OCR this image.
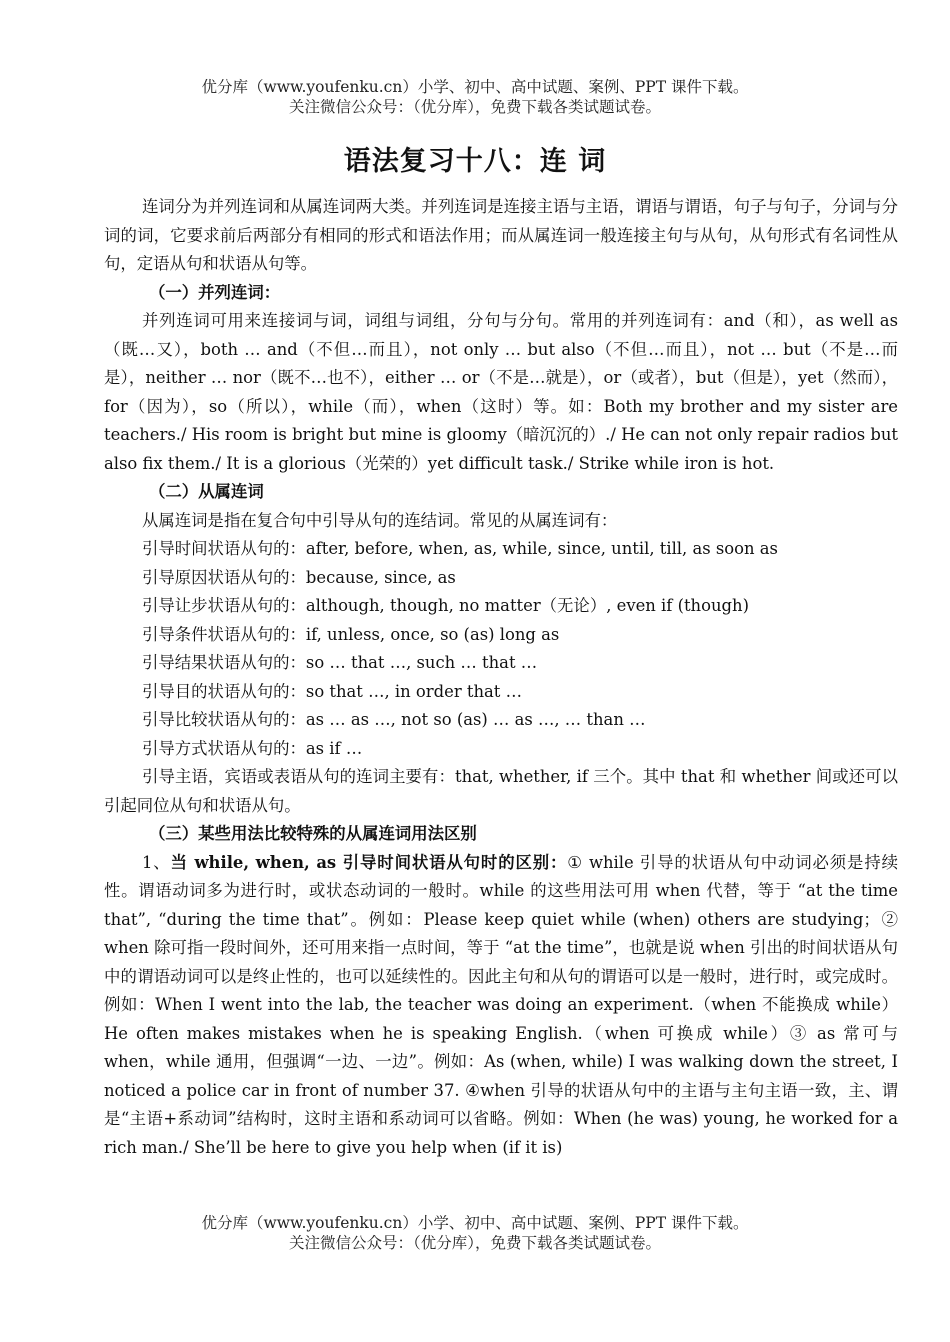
优分库（www.youfenku.cn）小学、初中、高中试题、案例、PPT 课件下载。
关注微信公众号：（优分库），免费下载各类试题试卷。
语法复习十八：连 词

连词分为并列连词和从属连词两大类。并列连词是连接主语与主语，谓语与谓语，句子与句子，分词与分词的词，它要求前后两部分有相同的形式和语法作用；而从属连词一般连接主句与从句，从句形式有名词性从句，定语从句和状语从句等。

（一）并列连词：

并列连词可用来连接词与词，词组与词组，分句与分句。常用的并列连词有：and（和），as well as（既…又），both … and（不但…而且），not only … but also（不但…而且），not … but（不是…而是），neither … nor（既不…也不），either … or（不是…就是），or（或者），but（但是），yet（然而），for（因为），so（所以），while（而），when（这时）等。如：Both my brother and my sister are teachers./ His room is bright but mine is gloomy（暗沉沉的）./ He can not only repair radios but also fix them./ It is a glorious（光荣的）yet difficult task./ Strike while iron is hot.

（二）从属连词

从属连词是指在复合句中引导从句的连结词。常见的从属连词有：

引导时间状语从句的：after, before, when, as, while, since, until, till, as soon as

引导原因状语从句的：because, since, as

引导让步状语从句的：although, though, no matter（无论）, even if (though)

引导条件状语从句的：if, unless, once, so (as) long as

引导结果状语从句的：so … that …, such … that …

引导目的状语从句的：so that …, in order that …

引导比较状语从句的：as … as …, not so (as) … as …, … than …

引导方式状语从句的：as if …

引导主语，宾语或表语从句的连词主要有：that, whether, if 三个。其中 that 和 whether 间或还可以引起同位从句和状语从句。

（三）某些用法比较特殊的从属连词用法区别

1、当 while, when, as 引导时间状语从句时的区别：① while 引导的状语从句中动词必须是持续性。谓语动词多为进行时，或状态动词的一般时。while 的这些用法可用 when 代替，等于 “at the time that”, “during the time that”。例如：Please keep quiet while (when) others are studying；② when 除可指一段时间外，还可用来指一点时间，等于 “at the time”，也就是说 when 引出的时间状语从句中的谓语动词可以是终止性的，也可以延续性的。因此主句和从句的谓语可以是一般时，进行时，或完成时。例如：When I went into the lab, the teacher was doing an experiment.（when 不能换成 while）He often makes mistakes when he is speaking English.（when 可换成 while）③ as 常可与 when，while 通用，但强调“一边、一边”。例如：As (when, while) I was walking down the street, I noticed a police car in front of number 37. ④when 引导的状语从句中的主语与主句主语一致，主、谓是“主语+系动词”结构时，这时主语和系动词可以省略。例如：When (he was) young, he worked for a rich man./ She’ll be here to give you help when (if it is)

优分库（www.youfenku.cn）小学、初中、高中试题、案例、PPT 课件下载。
关注微信公众号：（优分库），免费下载各类试题试卷。
